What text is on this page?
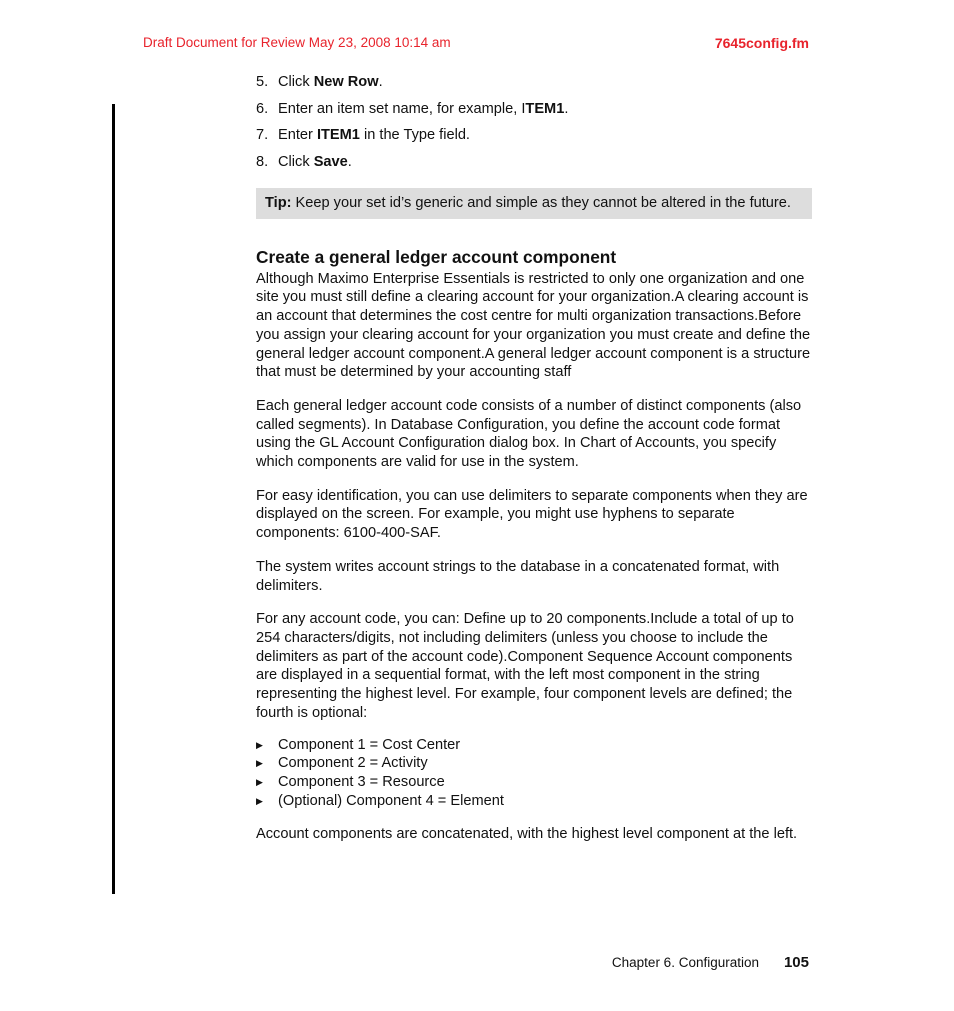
Draft Document for Review May 23, 2008 10:14 am	7645config.fm
5. Click New Row.
6. Enter an item set name, for example, ITEM1.
7. Enter ITEM1 in the Type field.
8. Click Save.
Tip: Keep your set id’s generic and simple as they cannot be altered in the future.
Create a general ledger account component

Although Maximo Enterprise Essentials is restricted to only one organization and one site you must still define a clearing account for your organization.A clearing account is an account that determines the cost centre for multi organization transactions.Before you assign your clearing account for your organization you must create and define the general ledger account component.A general ledger account component is a structure that must be determined by your accounting staff

Each general ledger account code consists of a number of distinct components (also called segments). In Database Configuration, you define the account code format using the GL Account Configuration dialog box. In Chart of Accounts, you specify which components are valid for use in the system.

For easy identification, you can use delimiters to separate components when they are displayed on the screen. For example, you might use hyphens to separate components: 6100-400-SAF.

The system writes account strings to the database in a concatenated format, with delimiters.

For any account code, you can: Define up to 20 components.Include a total of up to 254 characters/digits, not including delimiters (unless you choose to include the delimiters as part of the account code).Component Sequence Account components are displayed in a sequential format, with the left most component in the string representing the highest level. For example, four component levels are defined; the fourth is optional:

▶ Component 1 = Cost Center
▶ Component 2 = Activity
▶ Component 3 = Resource
▶ (Optional) Component 4 = Element

Account components are concatenated, with the highest level component at the left.

Chapter 6. Configuration 105
